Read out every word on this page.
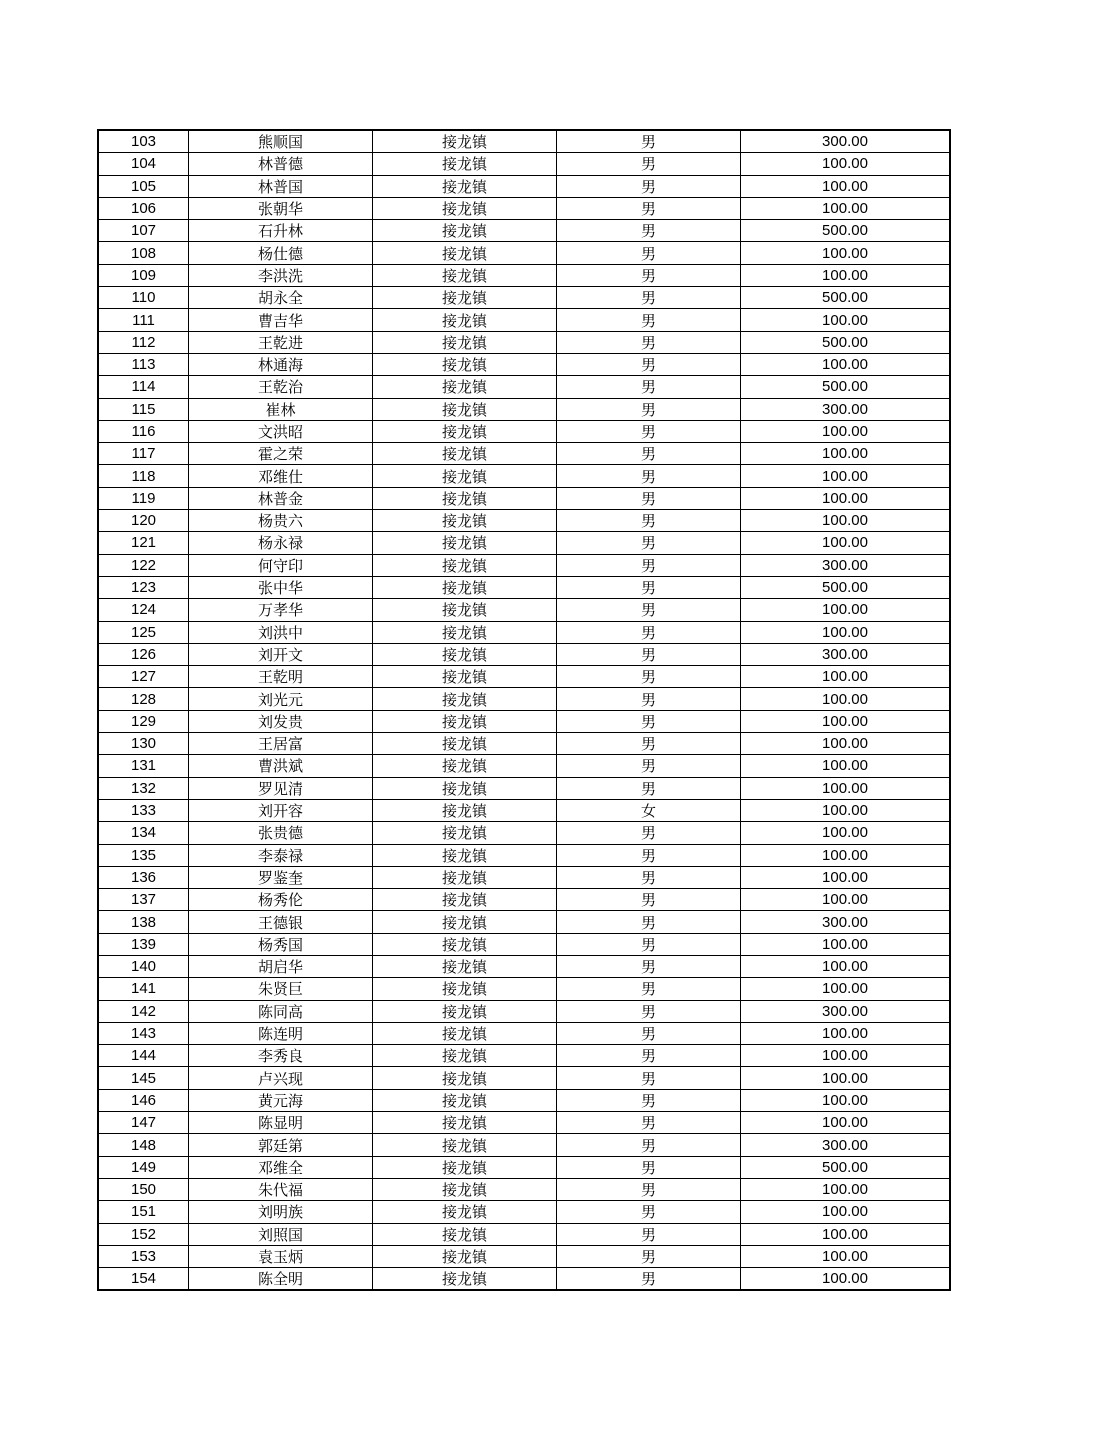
103	熊顺国	接龙镇	男	300.00
104	林普德	接龙镇	男	100.00
105	林普国	接龙镇	男	100.00
106	张朝华	接龙镇	男	100.00
107	石升林	接龙镇	男	500.00
108	杨仕德	接龙镇	男	100.00
109	李洪洗	接龙镇	男	100.00
110	胡永全	接龙镇	男	500.00
111	曹吉华	接龙镇	男	100.00
112	王乾进	接龙镇	男	500.00
113	林通海	接龙镇	男	100.00
114	王乾治	接龙镇	男	500.00
115	崔林	接龙镇	男	300.00
116	文洪昭	接龙镇	男	100.00
117	霍之荣	接龙镇	男	100.00
118	邓维仕	接龙镇	男	100.00
119	林普金	接龙镇	男	100.00
120	杨贵六	接龙镇	男	100.00
121	杨永禄	接龙镇	男	100.00
122	何守印	接龙镇	男	300.00
123	张中华	接龙镇	男	500.00
124	万孝华	接龙镇	男	100.00
125	刘洪中	接龙镇	男	100.00
126	刘开文	接龙镇	男	300.00
127	王乾明	接龙镇	男	100.00
128	刘光元	接龙镇	男	100.00
129	刘发贵	接龙镇	男	100.00
130	王居富	接龙镇	男	100.00
131	曹洪斌	接龙镇	男	100.00
132	罗见清	接龙镇	男	100.00
133	刘开容	接龙镇	女	100.00
134	张贵德	接龙镇	男	100.00
135	李泰禄	接龙镇	男	100.00
136	罗鉴奎	接龙镇	男	100.00
137	杨秀伦	接龙镇	男	100.00
138	王德银	接龙镇	男	300.00
139	杨秀国	接龙镇	男	100.00
140	胡启华	接龙镇	男	100.00
141	朱贤巨	接龙镇	男	100.00
142	陈同高	接龙镇	男	300.00
143	陈连明	接龙镇	男	100.00
144	李秀良	接龙镇	男	100.00
145	卢兴现	接龙镇	男	100.00
146	黄元海	接龙镇	男	100.00
147	陈显明	接龙镇	男	100.00
148	郭廷第	接龙镇	男	300.00
149	邓维全	接龙镇	男	500.00
150	朱代福	接龙镇	男	100.00
151	刘明族	接龙镇	男	100.00
152	刘照国	接龙镇	男	100.00
153	袁玉炳	接龙镇	男	100.00
154	陈全明	接龙镇	男	100.00
